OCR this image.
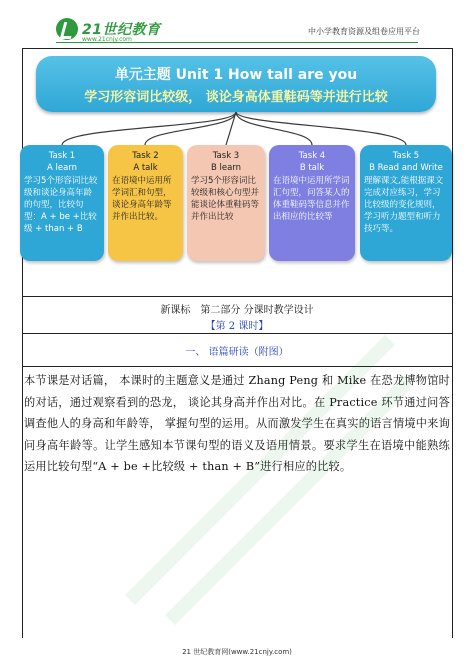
21世纪教育
www.21cnjy.com
中小学教育资源及组卷应用平台
单元主题 Unit 1 How tall are you
学习形容词比较级， 谈论身高体重鞋码等并进行比较
Task 1
A learn
学习5个形容词比较级和谈论身高年龄的句型，比较句型：A + be +比较级 + than + B
Task 2
A talk
在语境中运用所学词汇和句型，谈论身高年龄等并作出比较。
Task 3
B learn
学习5个形容词比较级和核心句型并能谈论体重鞋码等并作出比较
Task 4
B talk
在语境中运用所学词汇句型，问答某人的体重鞋码等信息并作出相应的比较等
Task 5
B Read and Write
理解课文,能根据课文完成对应练习，学习比较级的变化规则，学习听力题型和听力技巧等。
新课标　第二部分 分课时教学设计
【第 2 课时】
一、 语篇研读（附图）
本节课是对话篇， 本课时的主题意义是通过 Zhang Peng 和 Mike 在恐龙博物馆时的对话，通过观察看到的恐龙， 谈论其身高并作出对比。在 Practice 环节通过问答调查他人的身高和年龄等， 掌握句型的运用。从而激发学生在真实的语言情境中来询问身高年龄等。让学生感知本节课句型的语义及语用情景。要求学生在语境中能熟练运用比较句型“A + be +比较级 + than + B”进行相应的比较。
21 世纪教育网(www.21cnjy.com)
